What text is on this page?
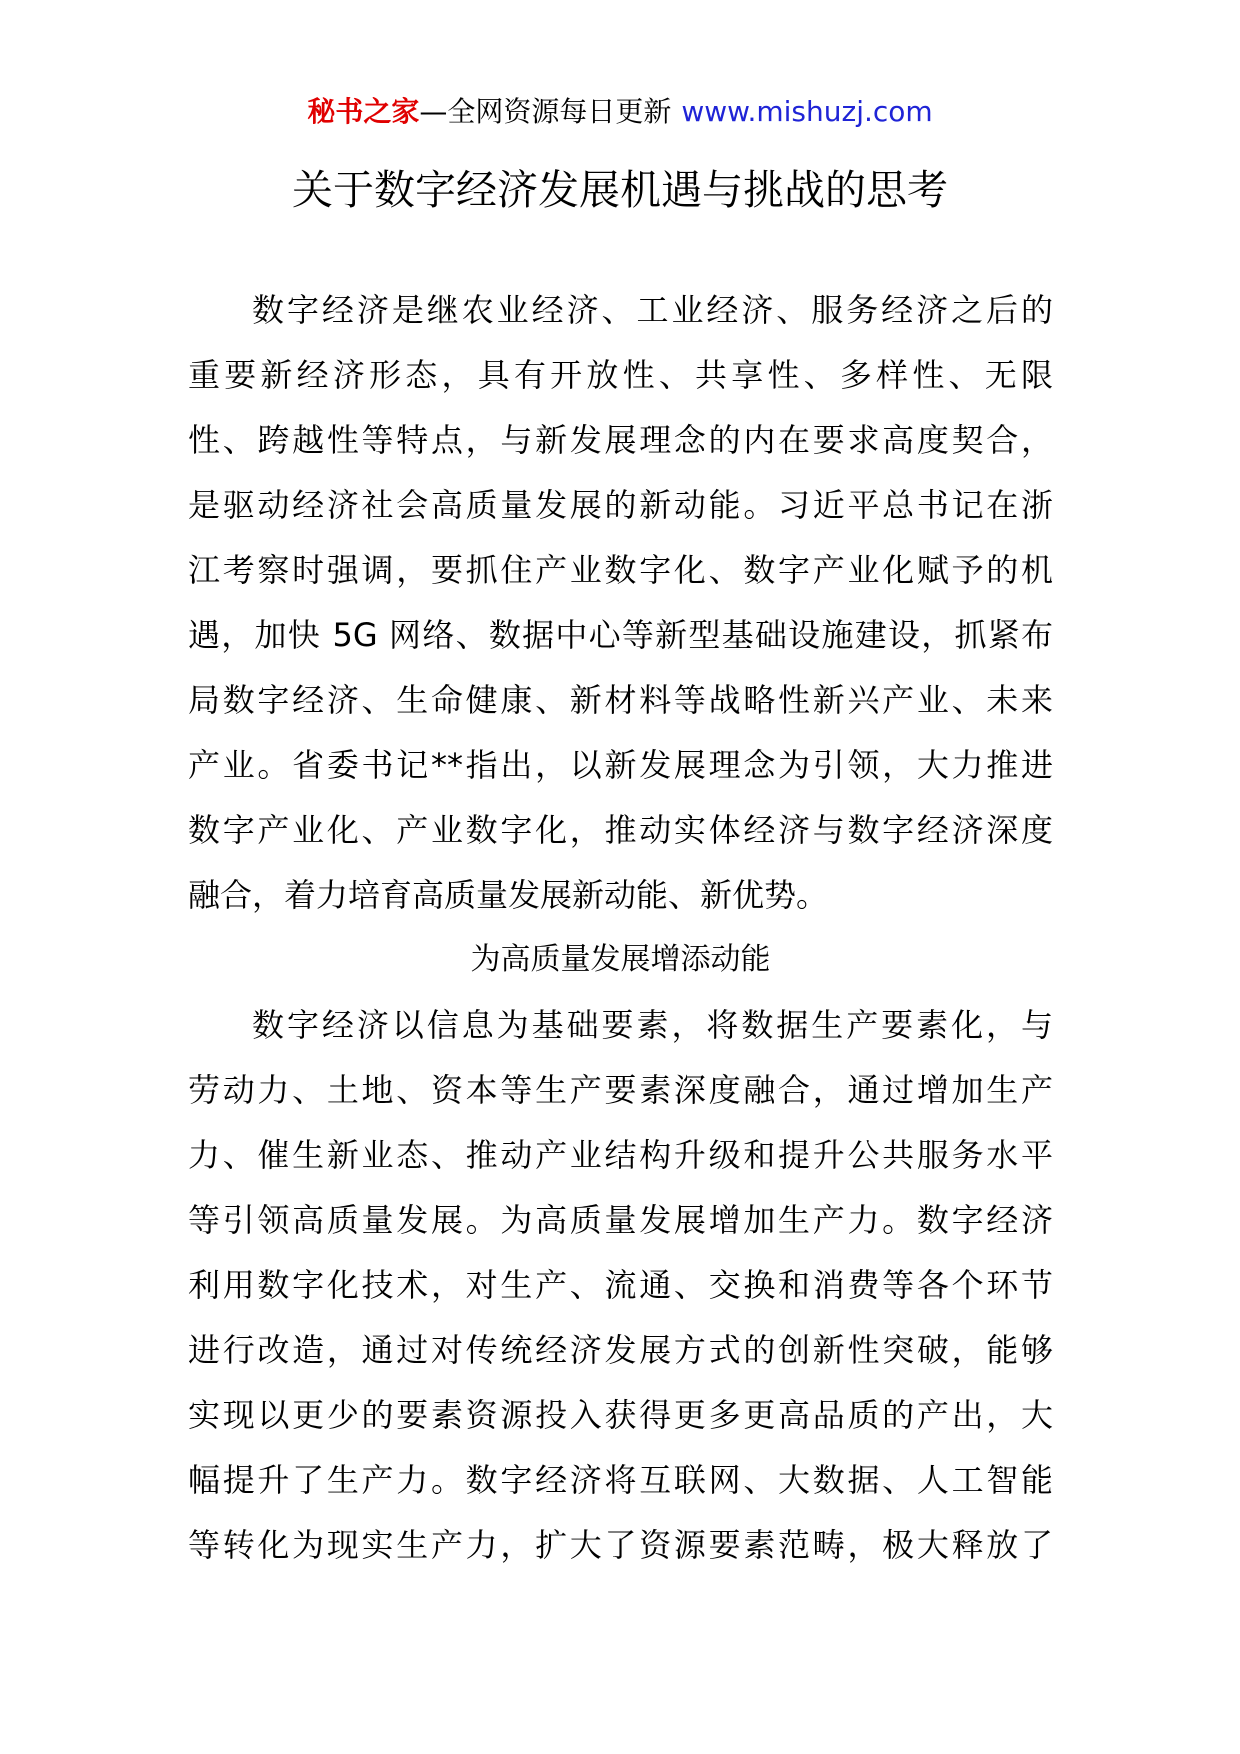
秘书之家—全网资源每日更新 www.mishuzj.com
关于数字经济发展机遇与挑战的思考
数字经济是继农业经济、工业经济、服务经济之后的
重要新经济形态，具有开放性、共享性、多样性、无限
性、跨越性等特点，与新发展理念的内在要求高度契合，
是驱动经济社会高质量发展的新动能。习近平总书记在浙
江考察时强调，要抓住产业数字化、数字产业化赋予的机
遇，加快 5G 网络、数据中心等新型基础设施建设，抓紧布
局数字经济、生命健康、新材料等战略性新兴产业、未来
产业。省委书记**指出，以新发展理念为引领，大力推进
数字产业化、产业数字化，推动实体经济与数字经济深度
融合，着力培育高质量发展新动能、新优势。
为高质量发展增添动能
数字经济以信息为基础要素，将数据生产要素化，与
劳动力、土地、资本等生产要素深度融合，通过增加生产
力、催生新业态、推动产业结构升级和提升公共服务水平
等引领高质量发展。为高质量发展增加生产力。数字经济
利用数字化技术，对生产、流通、交换和消费等各个环节
进行改造，通过对传统经济发展方式的创新性突破，能够
实现以更少的要素资源投入获得更多更高品质的产出，大
幅提升了生产力。数字经济将互联网、大数据、人工智能
等转化为现实生产力，扩大了资源要素范畴，极大释放了
